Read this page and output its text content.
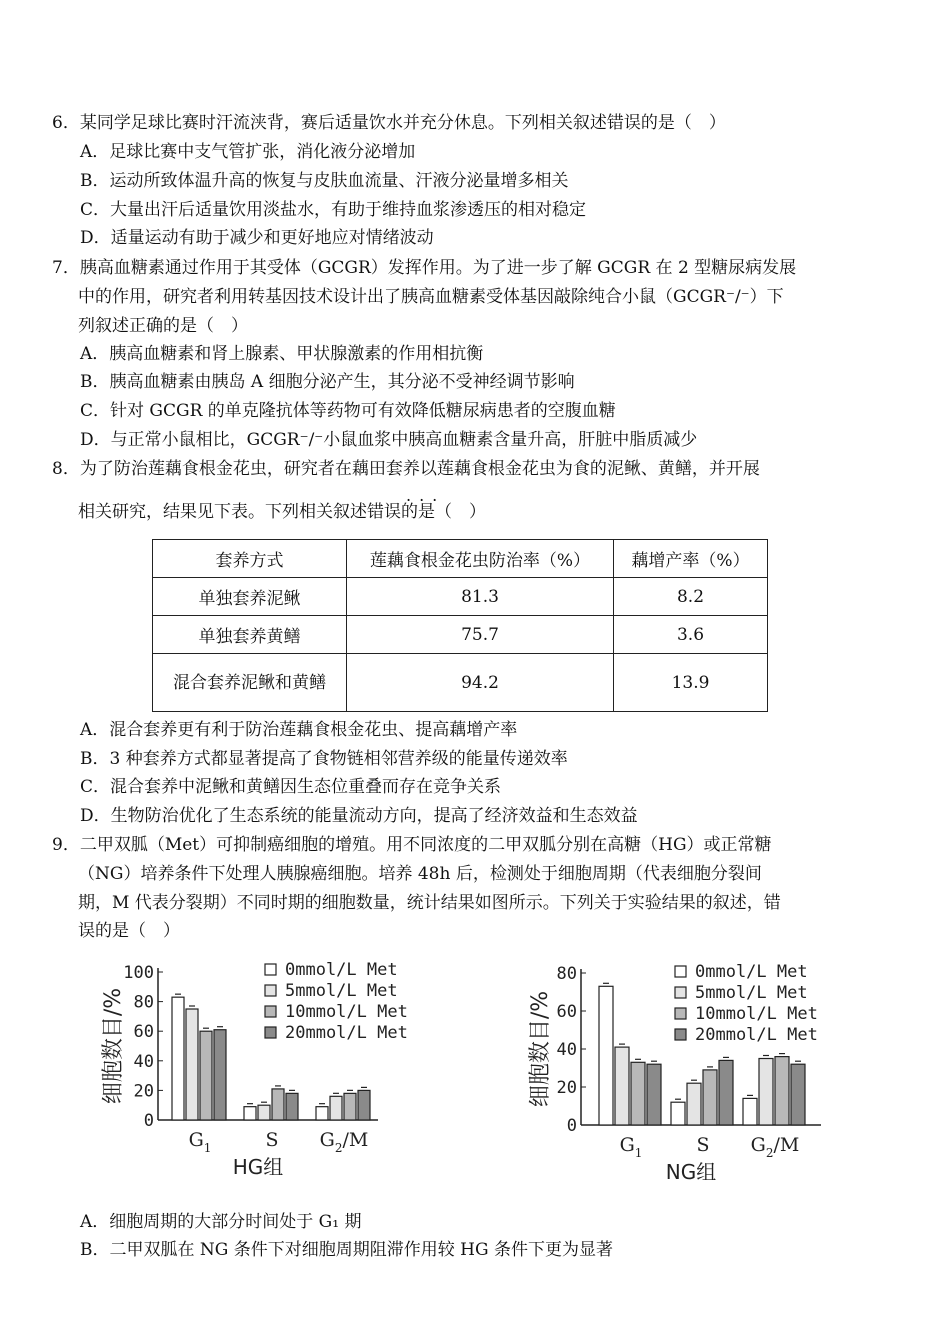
6．某同学足球比赛时汗流浃背，赛后适量饮水并充分休息。下列相关叙述错误的是（　）
A．足球比赛中支气管扩张，消化液分泌增加
B．运动所致体温升高的恢复与皮肤血流量、汗液分泌量增多相关
C．大量出汗后适量饮用淡盐水，有助于维持血浆渗透压的相对稳定
D．适量运动有助于减少和更好地应对情绪波动
7．胰高血糖素通过作用于其受体（GCGR）发挥作用。为了进一步了解 GCGR 在 2 型糖尿病发展
中的作用，研究者利用转基因技术设计出了胰高血糖素受体基因敲除纯合小鼠（GCGR⁻/⁻）下
列叙述正确的是（　）
A．胰高血糖素和肾上腺素、甲状腺激素的作用相抗衡
B．胰高血糖素由胰岛 A 细胞分泌产生，其分泌不受神经调节影响
C．针对 GCGR 的单克隆抗体等药物可有效降低糖尿病患者的空腹血糖
D．与正常小鼠相比，GCGR⁻/⁻小鼠血浆中胰高血糖素含量升高，肝脏中脂质减少
8．为了防治莲藕食根金花虫，研究者在藕田套养以莲藕食根金花虫为食的泥鳅、黄鳝，并开展
...
相关研究，结果见下表。下列相关叙述错误的是（　）
套养方式	莲藕食根金花虫防治率（%）	藕增产率（%）
单独套养泥鳅	81.3	8.2
单独套养黄鳝	75.7	3.6
混合套养泥鳅和黄鳝	94.2	13.9
A．混合套养更有利于防治莲藕食根金花虫、提高藕增产率
B．3 种套养方式都显著提高了食物链相邻营养级的能量传递效率
C．混合套养中泥鳅和黄鳝因生态位重叠而存在竞争关系
D．生物防治优化了生态系统的能量流动方向，提高了经济效益和生态效益
9．二甲双胍（Met）可抑制癌细胞的增殖。用不同浓度的二甲双胍分别在高糖（HG）或正常糖
（NG）培养条件下处理人胰腺癌细胞。培养 48h 后，检测处于细胞周期（代表细胞分裂间
期，M 代表分裂期）不同时期的细胞数量，统计结果如图所示。下列关于实验结果的叙述，错
误的是（　）
0
20
40
60
80
100
细胞数目/%
$G_1$	S $G_2/M$
HG组
0mmol/L Met
5mmol/L Met
10mmol/L Met
20mmol/L Met
0
20
40
60
80
细胞数目/%
$G_1$	S $G_2/M$
NG组
0mmol/L Met
5mmol/L Met
10mmol/L Met
20mmol/L Met
A．细胞周期的大部分时间处于 G₁ 期
B．二甲双胍在 NG 条件下对细胞周期阻滞作用较 HG 条件下更为显著
